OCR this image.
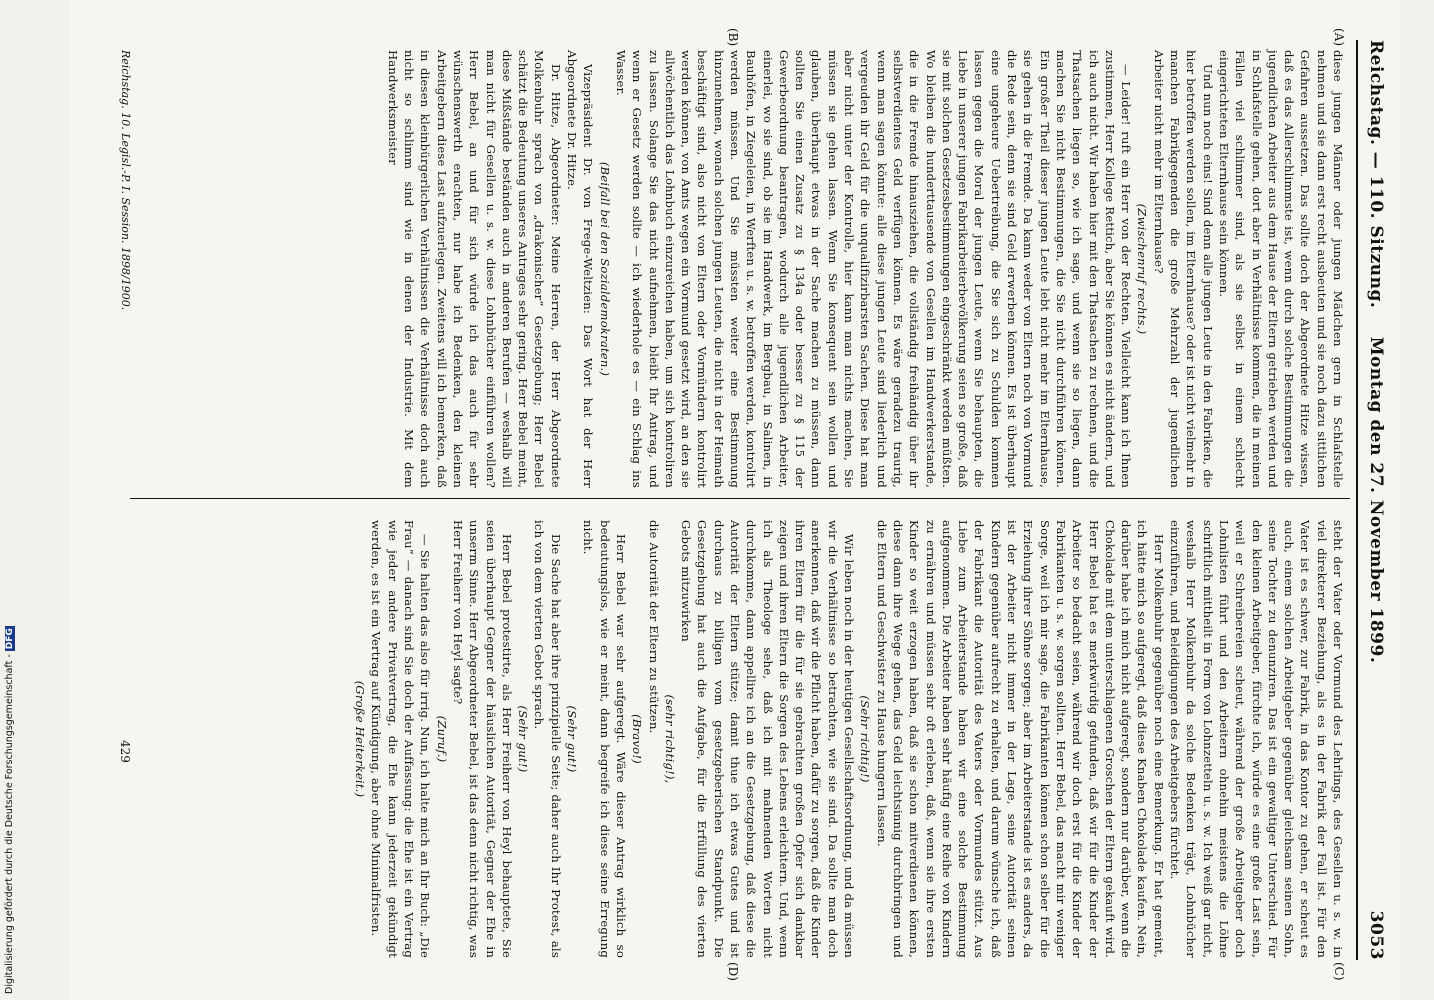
Reichstag. — 110. Sitzung.
Montag den 27. November 1899.
3053
(A)
(B)
(C)
(D)

diese jungen Männer oder jungen Mädchen gern in Schlafstelle nehmen und sie dann erst recht ausbeuten und sie noch dazu sittlichen Gefahren aussetzen. Das sollte doch der Abgeordnete Hitze wissen, daß es das Allerschlimmste ist, wenn durch solche Bestimmungen die jugendlichen Arbeiter aus dem Hause der Eltern getrieben werden und in Schlafstelle gehen, dort aber in Verhältnisse kommen, die in meinen Fällen viel schlimmer sind, als sie selbst in einem schlecht eingerichteten Elternhause sein können.

Und nun noch eins! Sind denn alle jungen Leute in den Fabriken, die hier betroffen werden sollen, im Elternhause? oder ist nicht vielmehr in manchen Fabrikgegenden die große Mehrzahl der jugendlichen Arbeiter nicht mehr im Elternhause?

(Zwischenruf rechts.)

— Leider! ruft ein Herr von der Rechten. Vielleicht kann ich Ihnen zustimmen, Herr Kollege Rettich, aber Sie können es nicht ändern, und ich auch nicht. Wir haben hier mit den Thatsachen zu rechnen, und die Thatsachen liegen so, wie ich sage, und wenn sie so liegen, dann machen Sie nicht Bestimmungen, die Sie nicht durchführen können. Ein großer Theil dieser jungen Leute lebt nicht mehr im Elternhause, sie gehen in die Fremde. Da kann weder von Eltern noch von Vormund die Rede sein, denn sie sind Geld erwerben können. Es ist überhaupt eine ungeheure Uebertreibung, die Sie sich zu Schulden kommen lassen gegen die Moral der jungen Leute, wenn Sie behaupten, die Liebe in unserer jungen Fabrikarbeiterbevölkerung seien so große, daß sie mit solchen Gesetzesbestimmungen eingeschränkt werden müßten. Wo bleiben die hunderttausende von Gesellen im Handwerkerstande, die in die Fremde hinausziehen, die vollständig freihändig über ihr selbstverdientes Geld verfügen können. Es wäre geradezu traurig, wenn man sagen könnte: alle diese jungen Leute sind liederlich und vergeuden ihr Geld für die unqualifizirbarsten Sachen. Diese hat man aber nicht unter der Kontrolle, hier kann man nichts machen, Sie müssen sie gehen lassen. Wenn Sie konsequent sein wollen und glauben, überhaupt etwas in der Sache machen zu müssen, dann sollten Sie einen Zusatz zu § 134a oder besser zu § 115 der Gewerbeordnung beantragen, wodurch alle jugendlichen Arbeiter, einerlei, wo sie sind, ob sie im Handwerk, im Bergbau, in Salinen, in Bauhöfen, in Ziegeleien, in Werften u. s. w. betroffen werden, kontrolirt werden müssen. Und Sie müssten weiter eine Bestimmung hinzunehmen, wonach solchen jungen Leuten, die nicht in der Heimath beschäftigt sind, also nicht von Eltern oder Vormündern kontrolirt werden können, von Amts wegen ein Vormund gesetzt wird, an den sie allwöchentlich das Lohnbuch einzureichen haben, um sich kontroliren zu lassen. Solange Sie das nicht aufnehmen, bleibt Ihr Antrag, und wenn er Gesetz werden sollte — ich wiederhole es — ein Schlag ins Wasser.

(Beifall bei den Sozialdemokraten.)

Vizepräsident Dr. von Frege-Weltzien: Das Wort hat der Herr Abgeordnete Dr. Hitze.

Dr. Hitze, Abgeordneter: Meine Herren, der Herr Abgeordnete Molkenbuhr sprach von „drakonischer“ Gesetzgebung; Herr Bebel schätzt die Bedeutung unseres Antrages sehr gering. Herr Bebel meint, diese Mißstände beständen auch in anderen Berufen — weshalb will man nicht für Gesellen u. s. w. diese Lohnbücher einführen wollen? Herr Bebel, an und für sich würde ich das auch für sehr wünschenswerth erachten, nur habe ich Bedenken, den kleinen Arbeitgebern diese Last aufzuerlegen. Zweitens will ich bemerken, daß in diesen kleinbürgerlichen Verhältnissen die Verhältnisse doch auch nicht so schlimm sind wie in denen der Industrie. Mit dem Handwerksmeister

steht der Vater oder Vormund des Lehrlings, des Gesellen u. s. w. in viel direkterer Beziehung, als es in der Fabrik der Fall ist. Für den Vater ist es schwer, zur Fabrik, in das Kontor zu gehen, er scheut es auch, einem solchen Arbeitgeber gegenüber gleichsam seinen Sohn, seine Tochter zu denunziren. Das ist ein gewaltiger Unterschied. Für den kleinen Arbeitgeber, fürchte ich, würde es eine große Last sein, weil er Schreibereien scheut, während der große Arbeitgeber doch Lohnlisten führt und den Arbeitern ohnehin meistens die Löhne schriftlich mittheilt in Form von Lohnzetteln u. s. w. Ich weiß gar nicht, weshalb Herr Molkenbuhr da solche Bedenken trägt, Lohnbücher einzuführen, und Beleidigungen des Arbeitgebers fürchtet.

Herr Molkenbuhr gegenüber noch eine Bemerkung. Er hat gemeint, ich hätte mich so aufgeregt, daß diese Knaben Chokolade kaufen. Nein, darüber habe ich mich nicht aufgeregt, sondern nur darüber, wenn die Chokolade mit dem unterschlagenen Groschen der Eltern gekauft wird. Herr Bebel hat es merkwürdig gefunden, daß wir für die Kinder der Arbeiter so bedacht seien, während wir doch erst für die Kinder der Fabrikanten u. s. w. sorgen sollten. Herr Bebel, das macht mir weniger Sorge, weil ich mir sage, die Fabrikanten können schon selber für die Erziehung ihrer Söhne sorgen; aber im Arbeiterstande ist es anders, da ist der Arbeiter nicht immer in der Lage, seine Autorität seinen Kindern gegenüber aufrecht zu erhalten, und darum wünsche ich, daß der Fabrikant die Autorität des Vaters oder Vormundes stützt. Aus Liebe zum Arbeiterstande haben wir eine solche Bestimmung aufgenommen. Die Arbeiter haben sehr häufig eine Reihe von Kindern zu ernähren und müssen sehr oft erleben, daß, wenn sie ihre ersten Kinder so weit erzogen haben, daß sie schon mitverdienen können, diese dann ihre Wege gehen, das Geld leichtsinnig durchbringen und die Eltern und Geschwister zu Hause hungern lassen.

(Sehr richtig!)

Wir leben noch in der heutigen Gesellschaftsordnung, und da müssen wir die Verhältnisse so betrachten, wie sie sind. Da sollte man doch anerkennen, daß wir die Pflicht haben, dafür zu sorgen, daß die Kinder ihren Eltern für die für sie gebrachten großen Opfer sich dankbar zeigen und ihren Eltern die Sorgen des Lebens erleichtern. Und, wenn ich als Theologe sehe, daß ich mit mahnenden Worten nicht durchkomme, dann appellire ich an die Gesetzgebung, daß diese die Autorität der Eltern stütze; damit thue ich etwas Gutes und ist durchaus zu billigen vom gesetzgeberischen Standpunkt. Die Gesetzgebung hat auch die Aufgabe, für die Erfüllung des vierten Gebots mitzuwirken

(sehr richtig!),

die Autorität der Eltern zu stützen.

(Bravo!)

Herr Bebel war sehr aufgeregt. Wäre dieser Antrag wirklich so bedeutungslos, wie er meint, dann begreife ich diese seine Erregung nicht.

(Sehr gut!)

Die Sache hat aber ihre prinzipielle Seite; daher auch Ihr Protest, als ich von dem vierten Gebot sprach.

(Sehr gut!)

Herr Bebel protestirte, als Herr Freiherr von Heyl behauptete, Sie seien überhaupt Gegner der häuslichen Autorität, Gegner der Ehe in unserm Sinne. Herr Abgeordneter Bebel, ist das denn nicht richtig, was Herr Freiherr von Heyl sagte?

(Zuruf.)

— Sie halten das also für irrig. Nun, ich halte mich an Ihr Buch: „Die Frau“ — danach sind Sie doch der Auffassung: die Ehe ist ein Vertrag wie jeder andere Privatvertrag, die Ehe kann jederzeit gekündigt werden, es ist ein Vertrag auf Kündigung, aber ohne Minimalfristen.

(Große Heiterkeit.)

Reichstag. 10. Legisl.-P. I. Session. 1898/1900.
429
Digitalisierung gefördert durch die Deutsche Forschungsgemeinschaft -DFG
